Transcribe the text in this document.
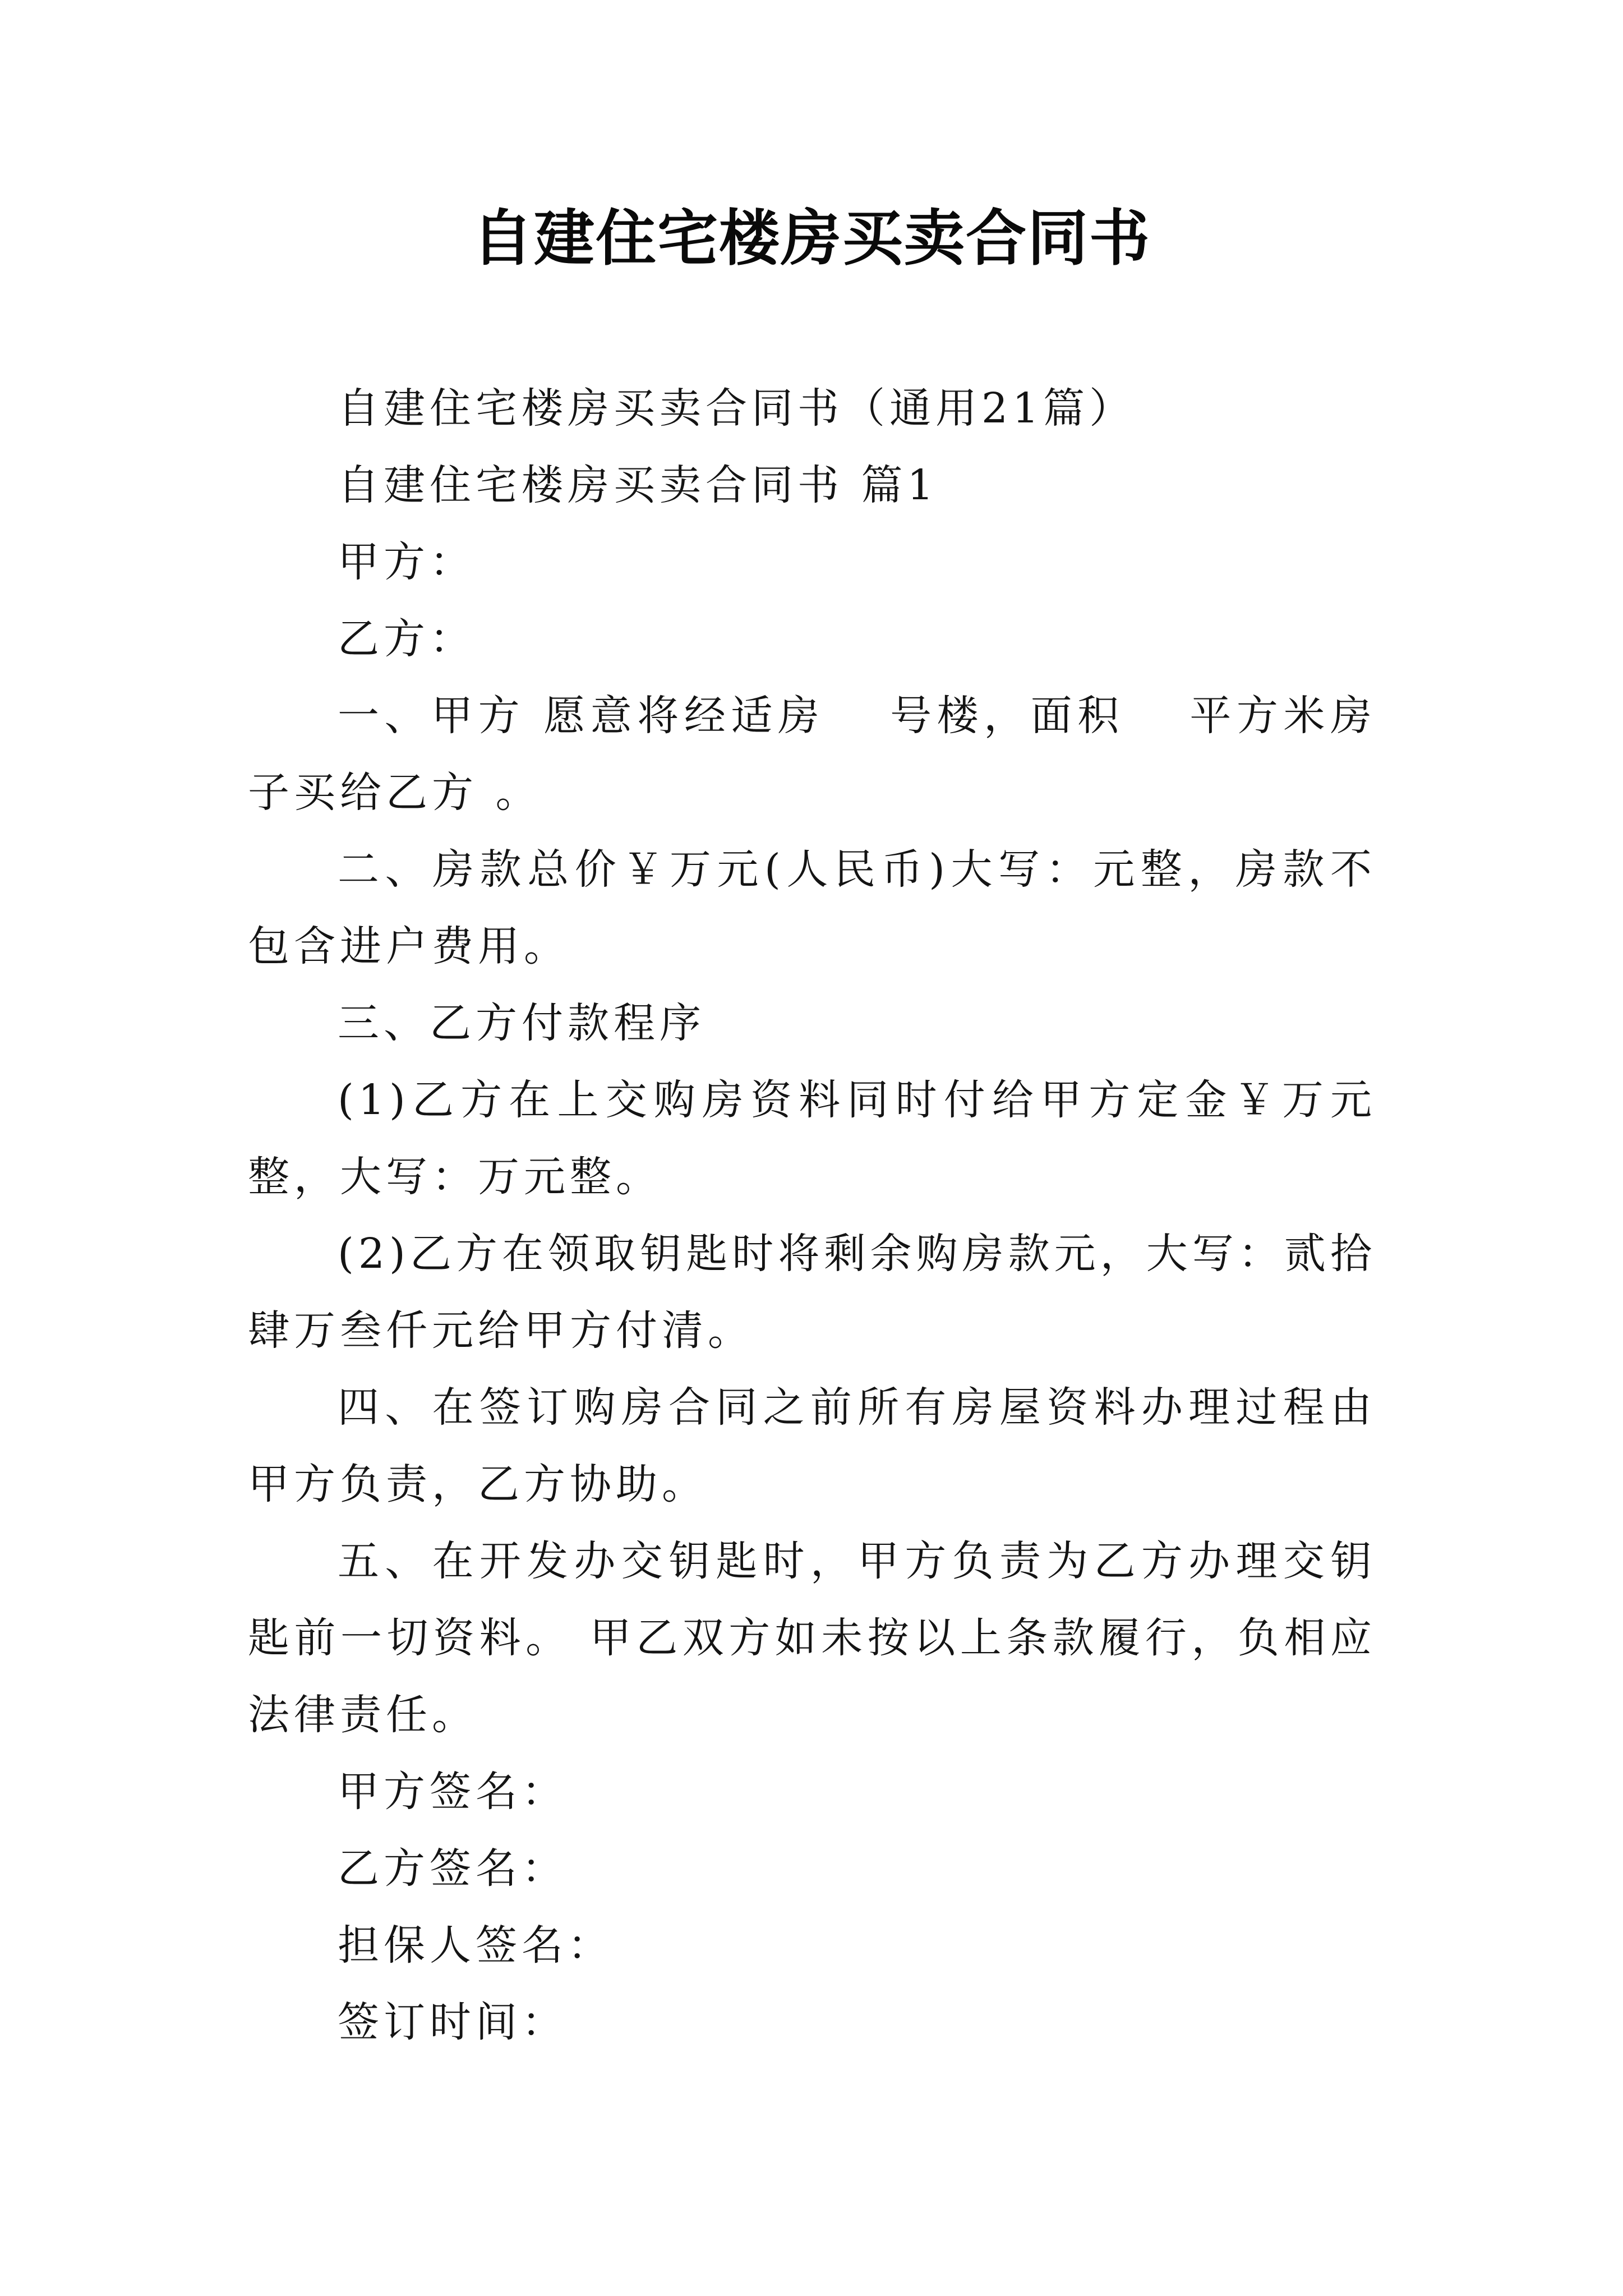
自建住宅楼房买卖合同书

自建住宅楼房买卖合同书（通用21篇）

自建住宅楼房买卖合同书 篇1

甲方：

乙方：

一、甲方 愿意将经适房　 号楼，面积　 平方米房子买给乙方 。

二、房款总价￥万元(人民币)大写：元整，房款不包含进户费用。

三、乙方付款程序

(1)乙方在上交购房资料同时付给甲方定金￥万元整，大写：万元整。

(2)乙方在领取钥匙时将剩余购房款元，大写：贰拾肆万叁仟元给甲方付清。

四、在签订购房合同之前所有房屋资料办理过程由甲方负责，乙方协助。

五、在开发办交钥匙时，甲方负责为乙方办理交钥匙前一切资料。 甲乙双方如未按以上条款履行，负相应法律责任。

甲方签名：

乙方签名：

担保人签名：

签订时间：
